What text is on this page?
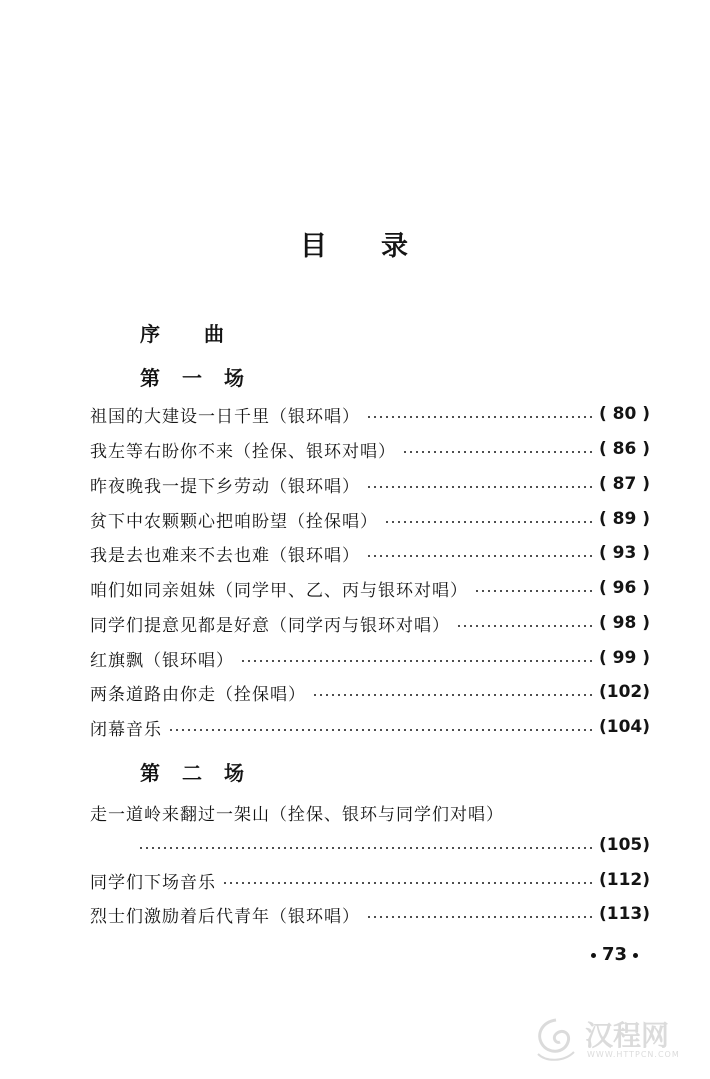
目 录
序 曲
第 一 场
祖国的大建设一日千里（银环唱）	( 80 )
我左等右盼你不来（拴保、银环对唱）	( 86 )
昨夜晚我一提下乡劳动（银环唱）	( 87 )
贫下中农颗颗心把咱盼望（拴保唱）	( 89 )
我是去也难来不去也难（银环唱）	( 93 )
咱们如同亲姐妹（同学甲、乙、丙与银环对唱）	( 96 )
同学们提意见都是好意（同学丙与银环对唱）	( 98 )
红旗飘（银环唱）	( 99 )
两条道路由你走（拴保唱）	(102)
闭幕音乐	(104)
第 二 场
走一道岭来翻过一架山（拴保、银环与同学们对唱）
(105)
同学们下场音乐	(112)
烈士们激励着后代青年（银环唱）	(113)
73
汉程网
WWW.HTTPCN.COM
